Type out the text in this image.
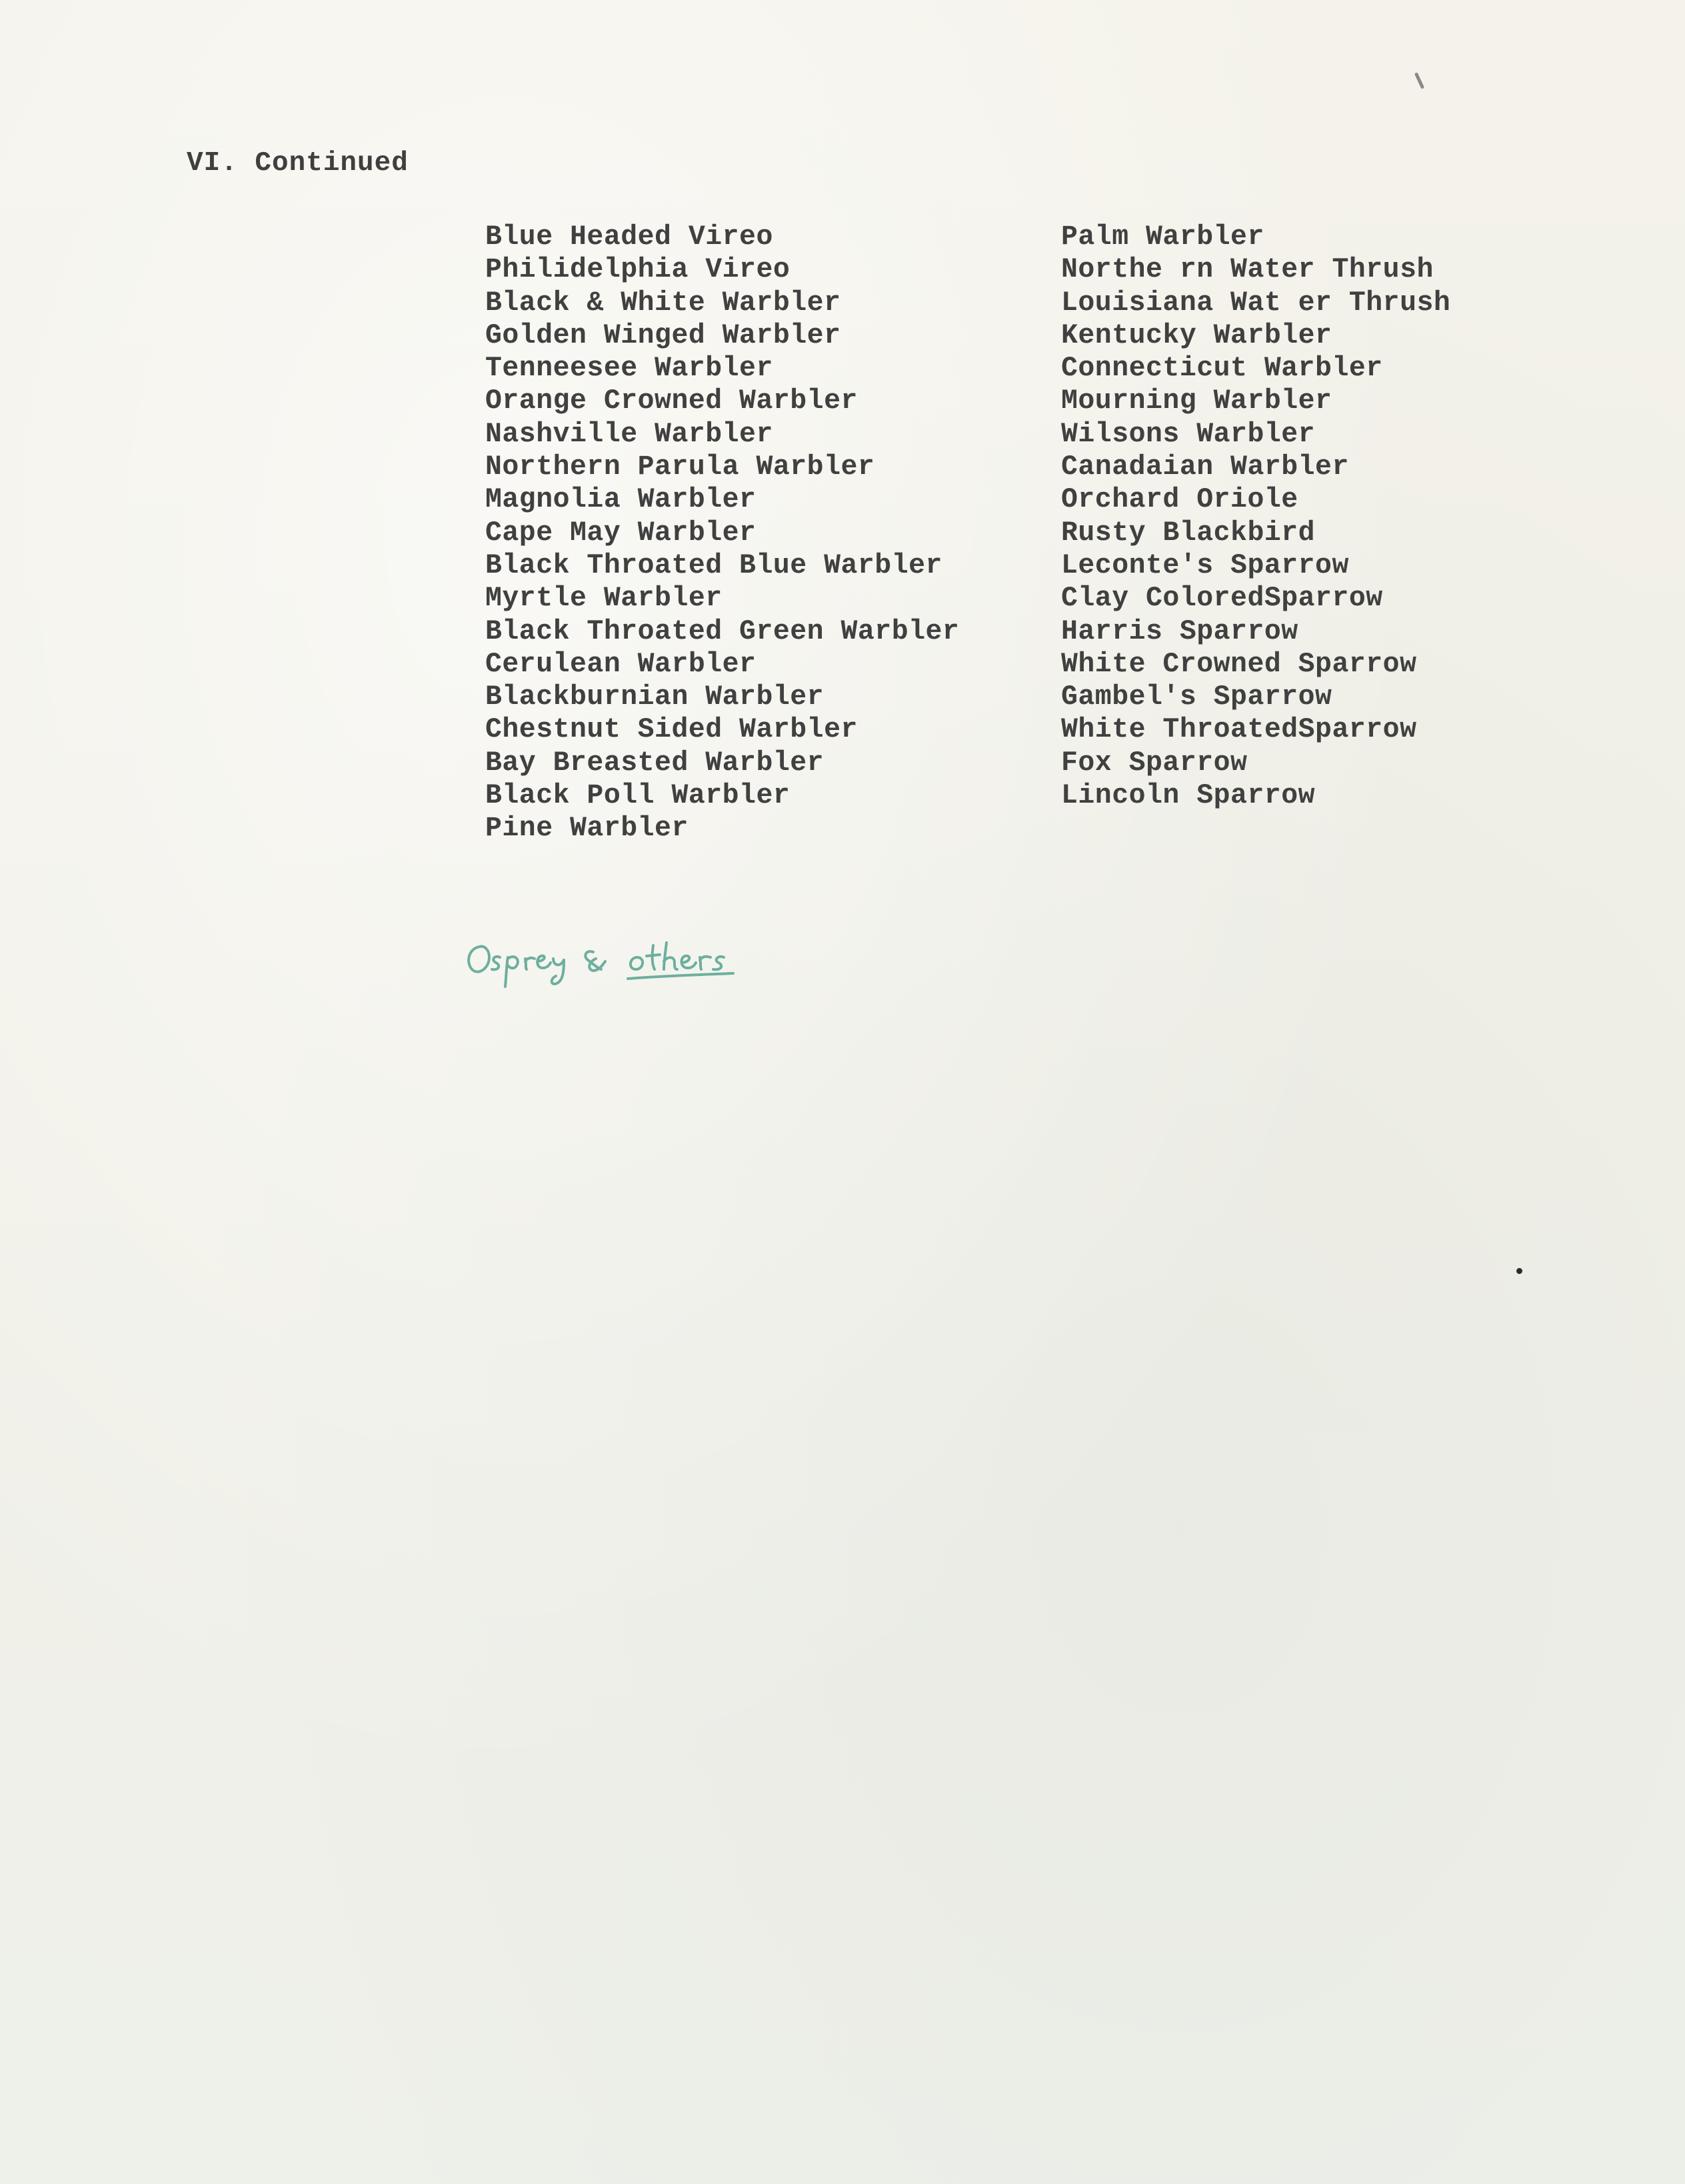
VI. Continued
Blue Headed Vireo
Philidelphia Vireo
Black & White Warbler
Golden Winged Warbler
Tenneesee Warbler
Orange Crowned Warbler
Nashville Warbler
Northern Parula Warbler
Magnolia Warbler
Cape May Warbler
Black Throated Blue Warbler
Myrtle Warbler
Black Throated Green Warbler
Cerulean Warbler
Blackburnian Warbler
Chestnut Sided Warbler
Bay Breasted Warbler
Black Poll Warbler
Pine Warbler
Palm Warbler
Northe rn Water Thrush
Louisiana Wat er Thrush
Kentucky Warbler
Connecticut Warbler
Mourning Warbler
Wilsons Warbler
Canadaian Warbler
Orchard Oriole
Rusty Blackbird
Leconte's Sparrow
Clay ColoredSparrow
Harris Sparrow
White Crowned Sparrow
Gambel's Sparrow
White ThroatedSparrow
Fox Sparrow
Lincoln Sparrow
